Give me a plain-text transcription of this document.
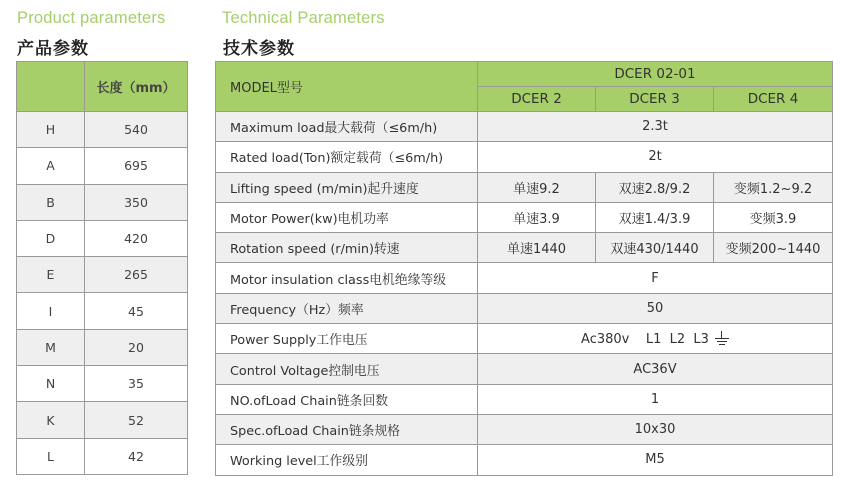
Product parameters
产品参数
Technical Parameters
技术参数
	长度（mm）
H	540
A	695
B	350
D	420
E	265
I	45
M	20
N	35
K	52
L	42
MODEL型号	DCER 02-01		
	DCER 2	DCER 3	DCER 4
Maximum load最大载荷（≤6m/h)	2.3t		
Rated load(Ton)额定载荷（≤6m/h)	2t		
Lifting speed (m/min)起升速度	单速9.2	双速2.8/9.2	变频1.2~9.2
Motor Power(kw)电机功率	单速3.9	双速1.4/3.9	变频3.9
Rotation speed (r/min)转速	单速1440	双速430/1440	变频200~1440
Motor insulation class电机绝缘等级	F		
Frequency（Hz）频率	50		
Power Supply工作电压	Ac380v    L1  L2  L3		

Control Voltage控制电压	AC36V		
NO.ofLoad Chain链条回数	1		
Spec.ofLoad Chain链条规格	10x30		
Working level工作级别	M5		
